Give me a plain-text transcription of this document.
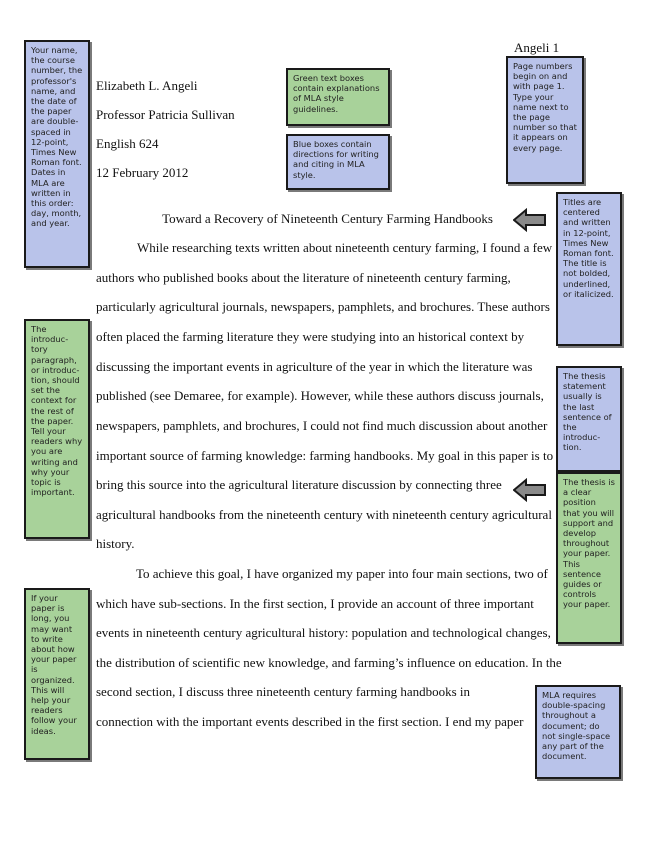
Angeli 1
Elizabeth L. Angeli
Professor Patricia Sullivan
English 624
12 February 2012
Toward a Recovery of Nineteenth Century Farming Handbooks
While researching texts written about nineteenth century farming, I found a few
authors who published books about the literature of nineteenth century farming,
particularly agricultural journals, newspapers, pamphlets, and brochures. These authors
often placed the farming literature they were studying into an historical context by
discussing the important events in agriculture of the year in which the literature was
published (see Demaree, for example). However, while these authors discuss journals,
newspapers, pamphlets, and brochures, I could not find much discussion about another
important source of farming knowledge: farming handbooks. My goal in this paper is to
bring this source into the agricultural literature discussion by connecting three
agricultural handbooks from the nineteenth century with nineteenth century agricultural
history.
To achieve this goal, I have organized my paper into four main sections, two of
which have sub-sections. In the first section, I provide an account of three important
events in nineteenth century agricultural history: population and technological changes,
the distribution of scientific new knowledge, and farming’s influence on education. In the
second section, I discuss three nineteenth century farming handbooks in
connection with the important events described in the first section. I end my paper
Your name, the course number, the professor's name, and the date of the paper are double-spaced in 12-point, Times New Roman font. Dates in MLA are written in this order: day, month, and year.
Green text boxes contain explanations of MLA style guidelines.
Blue boxes contain directions for writing and citing in MLA style.
Page numbers begin on and with page 1. Type your name next to the page number so that it appears on every page.
Titles are centered and written in 12-point, Times New Roman font. The title is not bolded, underlined, or italicized.
The introduc-tory paragraph, or introduc-tion, should set the context for the rest of the paper. Tell your readers why you are writing and why your topic is important.
The thesis statement usually is the last sentence of the introduc-tion.
The thesis is a clear position that you will support and develop throughout your paper. This sentence guides or controls your paper.
If your paper is long, you may want to write about how your paper is organized. This will help your readers follow your ideas.
MLA requires double-spacing throughout a document; do not single-space any part of the document.
